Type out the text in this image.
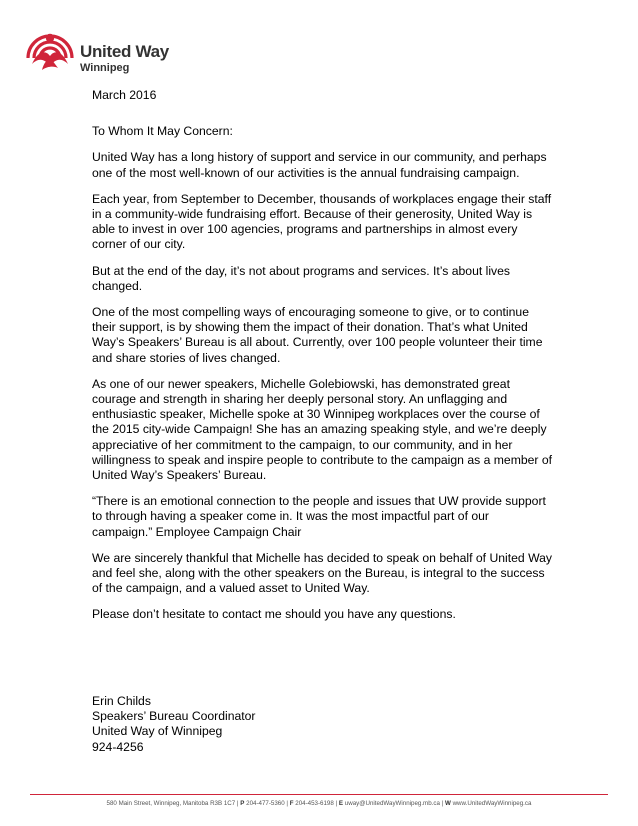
United Way
Winnipeg

March 2016

To Whom It May Concern:

United Way has a long history of support and service in our community, and perhaps one of the most well-known of our activities is the annual fundraising campaign.

Each year, from September to December, thousands of workplaces engage their staff in a community-wide fundraising effort. Because of their generosity, United Way is able to invest in over 100 agencies, programs and partnerships in almost every corner of our city.

But at the end of the day, it’s not about programs and services. It’s about lives changed.

One of the most compelling ways of encouraging someone to give, or to continue their support, is by showing them the impact of their donation. That’s what United Way’s Speakers’ Bureau is all about. Currently, over 100 people volunteer their time and share stories of lives changed.

As one of our newer speakers, Michelle Golebiowski, has demonstrated great courage and strength in sharing her deeply personal story. An unflagging and enthusiastic speaker, Michelle spoke at 30 Winnipeg workplaces over the course of the 2015 city-wide Campaign! She has an amazing speaking style, and we’re deeply appreciative of her commitment to the campaign, to our community, and in her willingness to speak and inspire people to contribute to the campaign as a member of United Way’s Speakers’ Bureau.

“There is an emotional connection to the people and issues that UW provide support to through having a speaker come in. It was the most impactful part of our campaign.” Employee Campaign Chair

We are sincerely thankful that Michelle has decided to speak on behalf of United Way and feel she, along with the other speakers on the Bureau, is integral to the success of the campaign, and a valued asset to United Way.

Please don’t hesitate to contact me should you have any questions.

Erin Childs
Speakers’ Bureau Coordinator
United Way of Winnipeg
924-4256
580 Main Street, Winnipeg, Manitoba R3B 1C7 | P 204-477-5360 | F 204-453-6198 | E uway@UnitedWayWinnipeg.mb.ca | W www.UnitedWayWinnipeg.ca
